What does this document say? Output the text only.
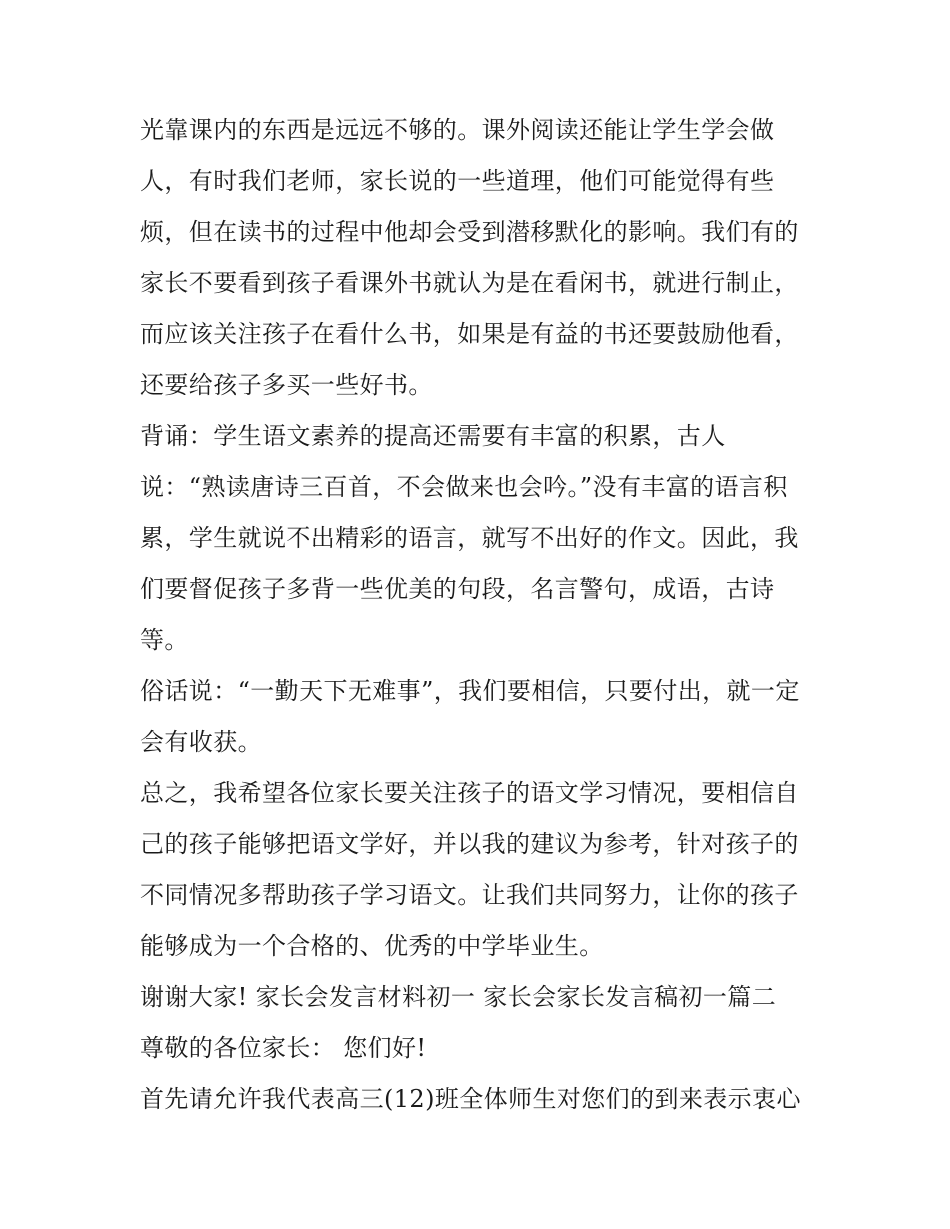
光靠课内的东西是远远不够的。课外阅读还能让学生学会做
人，有时我们老师，家长说的一些道理，他们可能觉得有些
烦，但在读书的过程中他却会受到潜移默化的影响。我们有的
家长不要看到孩子看课外书就认为是在看闲书，就进行制止，
而应该关注孩子在看什么书，如果是有益的书还要鼓励他看，
还要给孩子多买一些好书。
背诵：学生语文素养的提高还需要有丰富的积累，古人
说：“熟读唐诗三百首，不会做来也会吟。”没有丰富的语言积
累，学生就说不出精彩的语言，就写不出好的作文。因此，我
们要督促孩子多背一些优美的句段，名言警句，成语，古诗
等。
俗话说：“一勤天下无难事”，我们要相信，只要付出，就一定
会有收获。
总之，我希望各位家长要关注孩子的语文学习情况，要相信自
己的孩子能够把语文学好，并以我的建议为参考，针对孩子的
不同情况多帮助孩子学习语文。让我们共同努力，让你的孩子
能够成为一个合格的、优秀的中学毕业生。
谢谢大家! 家长会发言材料初一 家长会家长发言稿初一篇二
尊敬的各位家长： 您们好!
首先请允许我代表高三(12)班全体师生对您们的到来表示衷心
